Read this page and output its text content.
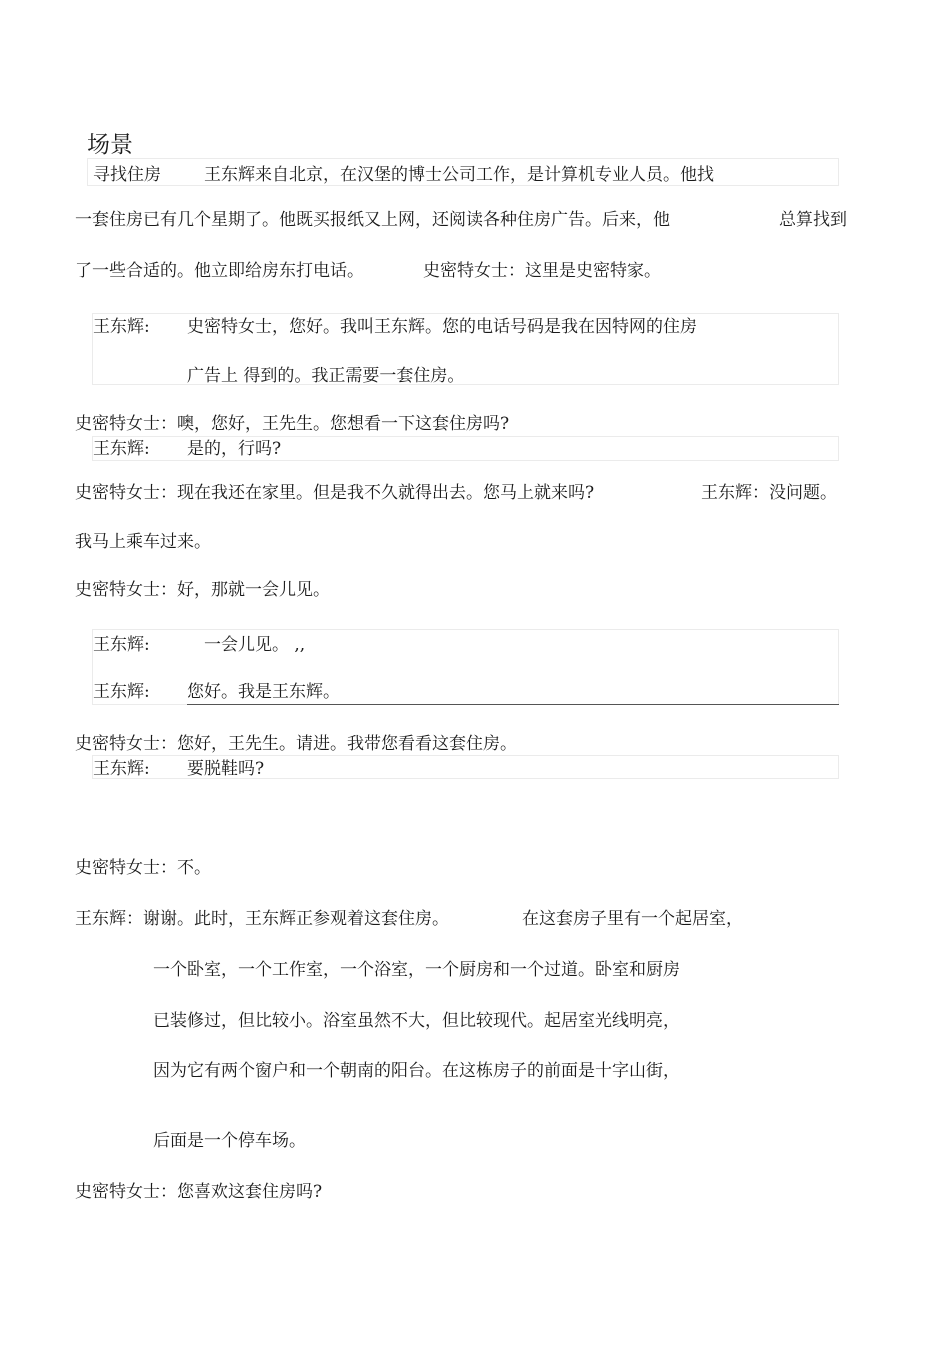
场景
寻找住房	王东辉来自北京，在汉堡的博士公司工作，是计算机专业人员。他找
一套住房已有几个星期了。他既买报纸又上网，还阅读各种住房广告。后来，他	总算找到
了一些合适的。他立即给房东打电话。	史密特女士：这里是史密特家。
王东辉: 史密特女士，您好。我叫王东辉。您的电话号码是我在因特网的住房
广告上 得到的。我正需要一套住房。
史密特女士：噢，您好，王先生。您想看一下这套住房吗?
王东辉: 是的，行吗?
史密特女士：现在我还在家里。但是我不久就得出去。您马上就来吗?	王东辉：没问题。
我马上乘车过来。
史密特女士：好，那就一会儿见。
王东辉:	一会儿见。 ,,
王东辉: 您好。我是王东辉。
史密特女士：您好，王先生。请进。我带您看看这套住房。
王东辉: 要脱鞋吗?
史密特女士：不。
王东辉：谢谢。此时，王东辉正参观着这套住房。	在这套房子里有一个起居室，
一个卧室，一个工作室，一个浴室，一个厨房和一个过道。卧室和厨房
已装修过，但比较小。浴室虽然不大，但比较现代。起居室光线明亮，
因为它有两个窗户和一个朝南的阳台。在这栋房子的前面是十字山街，
后面是一个停车场。
史密特女士：您喜欢这套住房吗?
